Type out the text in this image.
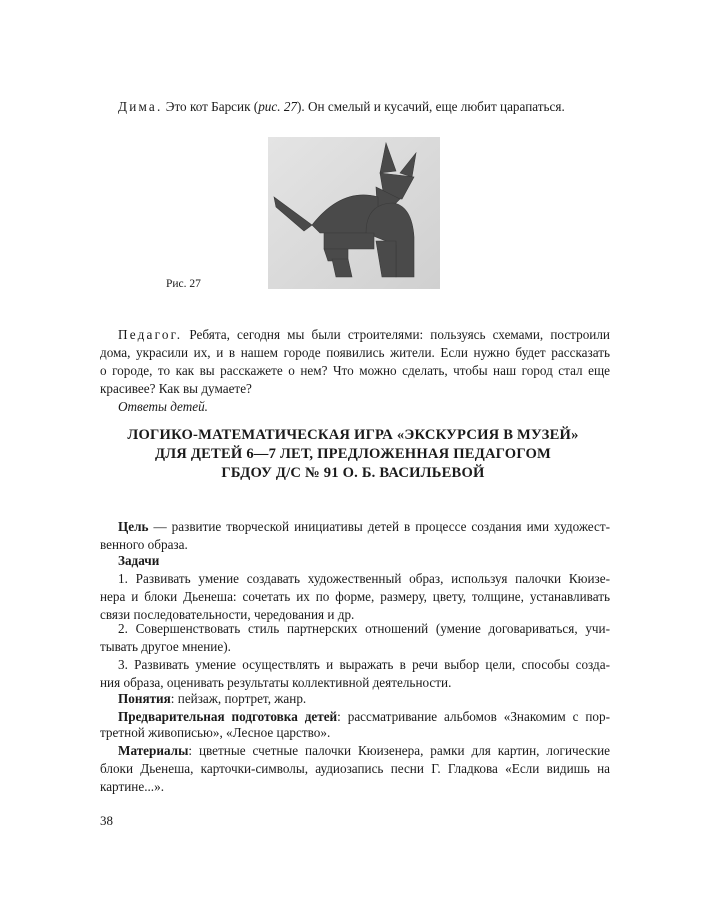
Дима. Это кот Барсик (рис. 27). Он смелый и кусачий, еще любит царапаться.
Рис. 27
Педагог. Ребята, сегодня мы были строителями: пользуясь схемами, построили
дома, украсили их, и в нашем городе появились жители. Если нужно будет рассказать
о городе, то как вы расскажете о нем? Что можно сделать, чтобы наш город стал еще
красивее? Как вы думаете?
Ответы детей.
ЛОГИКО-МАТЕМАТИЧЕСКАЯ ИГРА «ЭКСКУРСИЯ В МУЗЕЙ»
ДЛЯ ДЕТЕЙ 6—7 ЛЕТ, ПРЕДЛОЖЕННАЯ ПЕДАГОГОМ
ГБДОУ Д/С № 91 О. Б. ВАСИЛЬЕВОЙ
Цель — развитие творческой инициативы детей в процессе создания ими художест-
венного образа.
Задачи
1. Развивать умение создавать художественный образ, используя палочки Кюизе-
нера и блоки Дьенеша: сочетать их по форме, размеру, цвету, толщине, устанавливать
связи последовательности, чередования и др.
2. Совершенствовать стиль партнерских отношений (умение договариваться, учи-
тывать другое мнение).
3. Развивать умение осуществлять и выражать в речи выбор цели, способы созда-
ния образа, оценивать результаты коллективной деятельности.
Понятия: пейзаж, портрет, жанр.
Предварительная подготовка детей: рассматривание альбомов «Знакомим с пор-
третной живописью», «Лесное царство».
Материалы: цветные счетные палочки Кюизенера, рамки для картин, логические
блоки Дьенеша, карточки-символы, аудиозапись песни Г. Гладкова «Если видишь на
картине...».
38
